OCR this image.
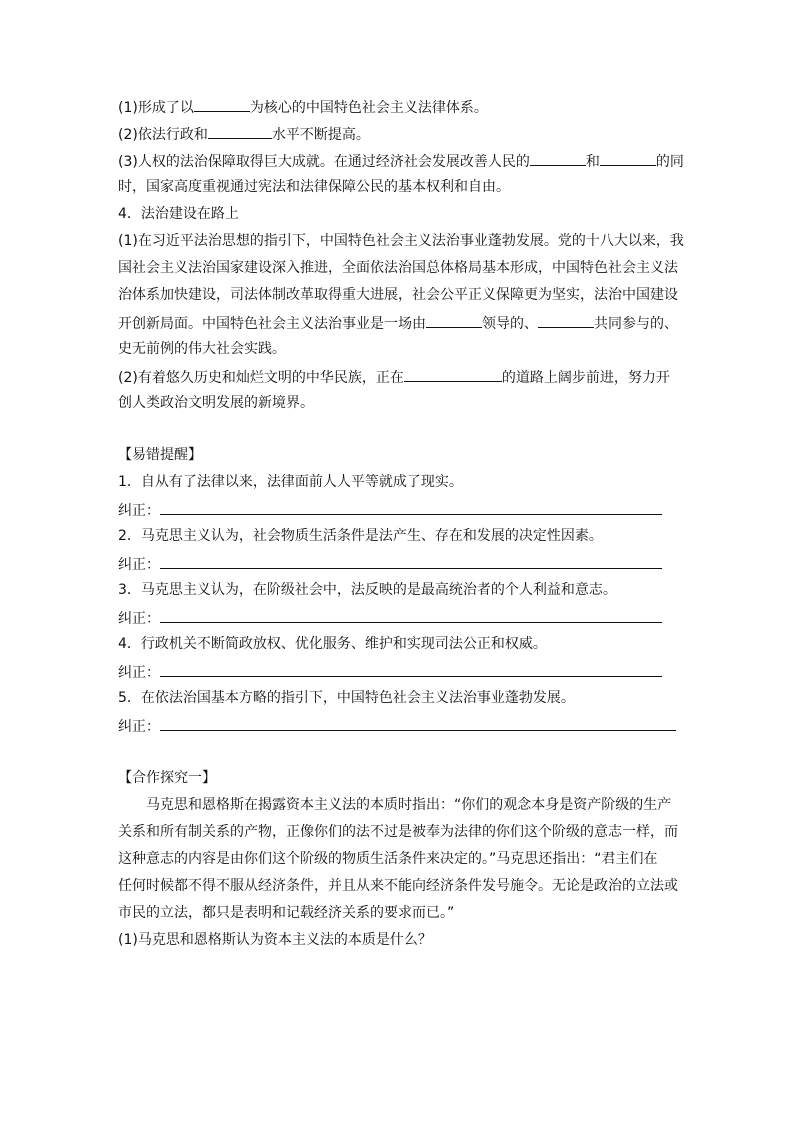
(1)形成了以	为核心的中国特色社会主义法律体系。
(2)依法行政和	水平不断提高。
(3)人权的法治保障取得巨大成就。在通过经济社会发展改善人民的	和	的同
时，国家高度重视通过宪法和法律保障公民的基本权利和自由。
4．法治建设在路上
(1)在习近平法治思想的指引下，中国特色社会主义法治事业蓬勃发展。党的十八大以来，我
国社会主义法治国家建设深入推进，全面依法治国总体格局基本形成，中国特色社会主义法
治体系加快建设，司法体制改革取得重大进展，社会公平正义保障更为坚实，法治中国建设
开创新局面。中国特色社会主义法治事业是一场由	领导的、	共同参与的、
史无前例的伟大社会实践。
(2)有着悠久历史和灿烂文明的中华民族，正在	的道路上阔步前进，努力开
创人类政治文明发展的新境界。
【易错提醒】
1．自从有了法律以来，法律面前人人平等就成了现实。
纠正：
2．马克思主义认为，社会物质生活条件是法产生、存在和发展的决定性因素。
纠正：
3．马克思主义认为，在阶级社会中，法反映的是最高统治者的个人利益和意志。
纠正：
4．行政机关不断简政放权、优化服务、维护和实现司法公正和权威。
纠正：
5．在依法治国基本方略的指引下，中国特色社会主义法治事业蓬勃发展。
纠正：
【合作探究一】
马克思和恩格斯在揭露资本主义法的本质时指出：“你们的观念本身是资产阶级的生产
关系和所有制关系的产物，正像你们的法不过是被奉为法律的你们这个阶级的意志一样，而
这种意志的内容是由你们这个阶级的物质生活条件来决定的。”马克思还指出：“君主们在
任何时候都不得不服从经济条件，并且从来不能向经济条件发号施令。无论是政治的立法或
市民的立法，都只是表明和记载经济关系的要求而已。”
(1)马克思和恩格斯认为资本主义法的本质是什么？
